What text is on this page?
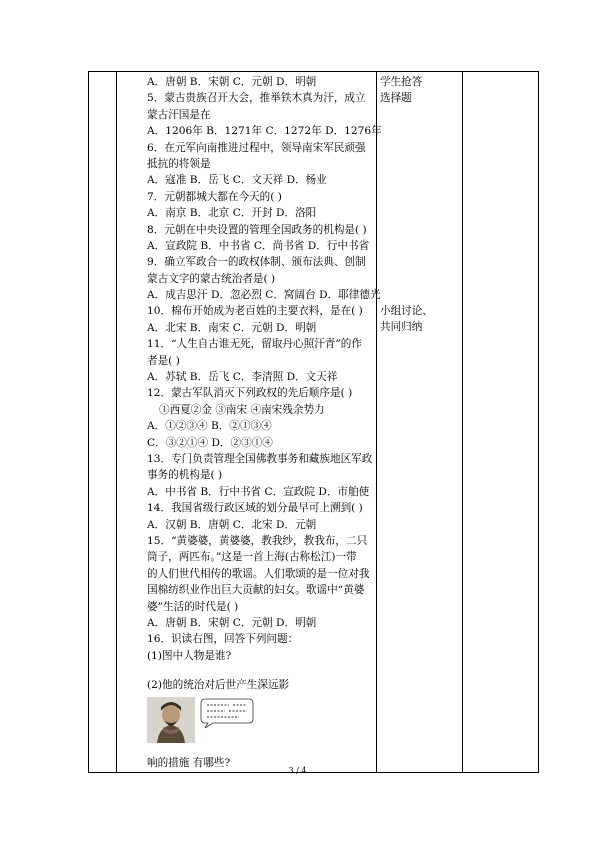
A．唐朝 B．宋朝 C．元朝 D．明朝
5．蒙古贵族召开大会，推举铁木真为汗，成立
蒙古汗国是在
A．1206年 B．1271年 C．1272年 D．1276年
6．在元军向南推进过程中，领导南宋军民顽强
抵抗的将领是
A．寇准 B．岳飞 C．文天祥 D．杨业
7．元朝都城大都在今天的( )
A．南京 B．北京 C．开封 D．洛阳
8．元朝在中央设置的管理全国政务的机构是( )
A．宣政院 B．中书省 C．尚书省 D．行中书省
9．确立军政合一的政权体制、颁布法典、创制
蒙古文字的蒙古统治者是( )
A．成吉思汗 D．忽必烈 C．窝阔台 D．耶律德光
10．棉布开始成为老百姓的主要衣料，是在( )
A．北宋 B．南宋 C．元朝 D．明朝
11．“人生自古谁无死，留取丹心照汗青”的作
者是( )
A．苏轼 B．岳飞 C．李清照 D．文天祥
12．蒙古军队消灭下列政权的先后顺序是( )
①西夏②金 ③南宋 ④南宋残余势力
A．①②③④ B．②①③④
C．③②①④ D．②③①④
13．专门负责管理全国佛教事务和藏族地区军政
事务的机构是( )
A．中书省 B．行中书省 C．宣政院 D．市舶使
14．我国省级行政区域的划分最早可上溯到( )
A．汉朝 B．唐朝 C．北宋 D．元朝
15．“黄婆婆，黄婆婆，教我纱，教我布，二只
筒子，两匹布。”这是一首上海(古称松江)一带
的人们世代相传的歌谣。人们歌颂的是一位对我
国棉纺织业作出巨大贡献的妇女。歌谣中“黄婆
婆”生活的时代是( )
A．唐朝 B．宋朝 C．元朝 D．明朝
16．识读右图，回答下列问题：
(1)图中人物是谁?
(2)他的统治对后世产生深远影
响的措施 有哪些?

学生抢答
选择题
小组讨论、
共同归纳

3 / 4
